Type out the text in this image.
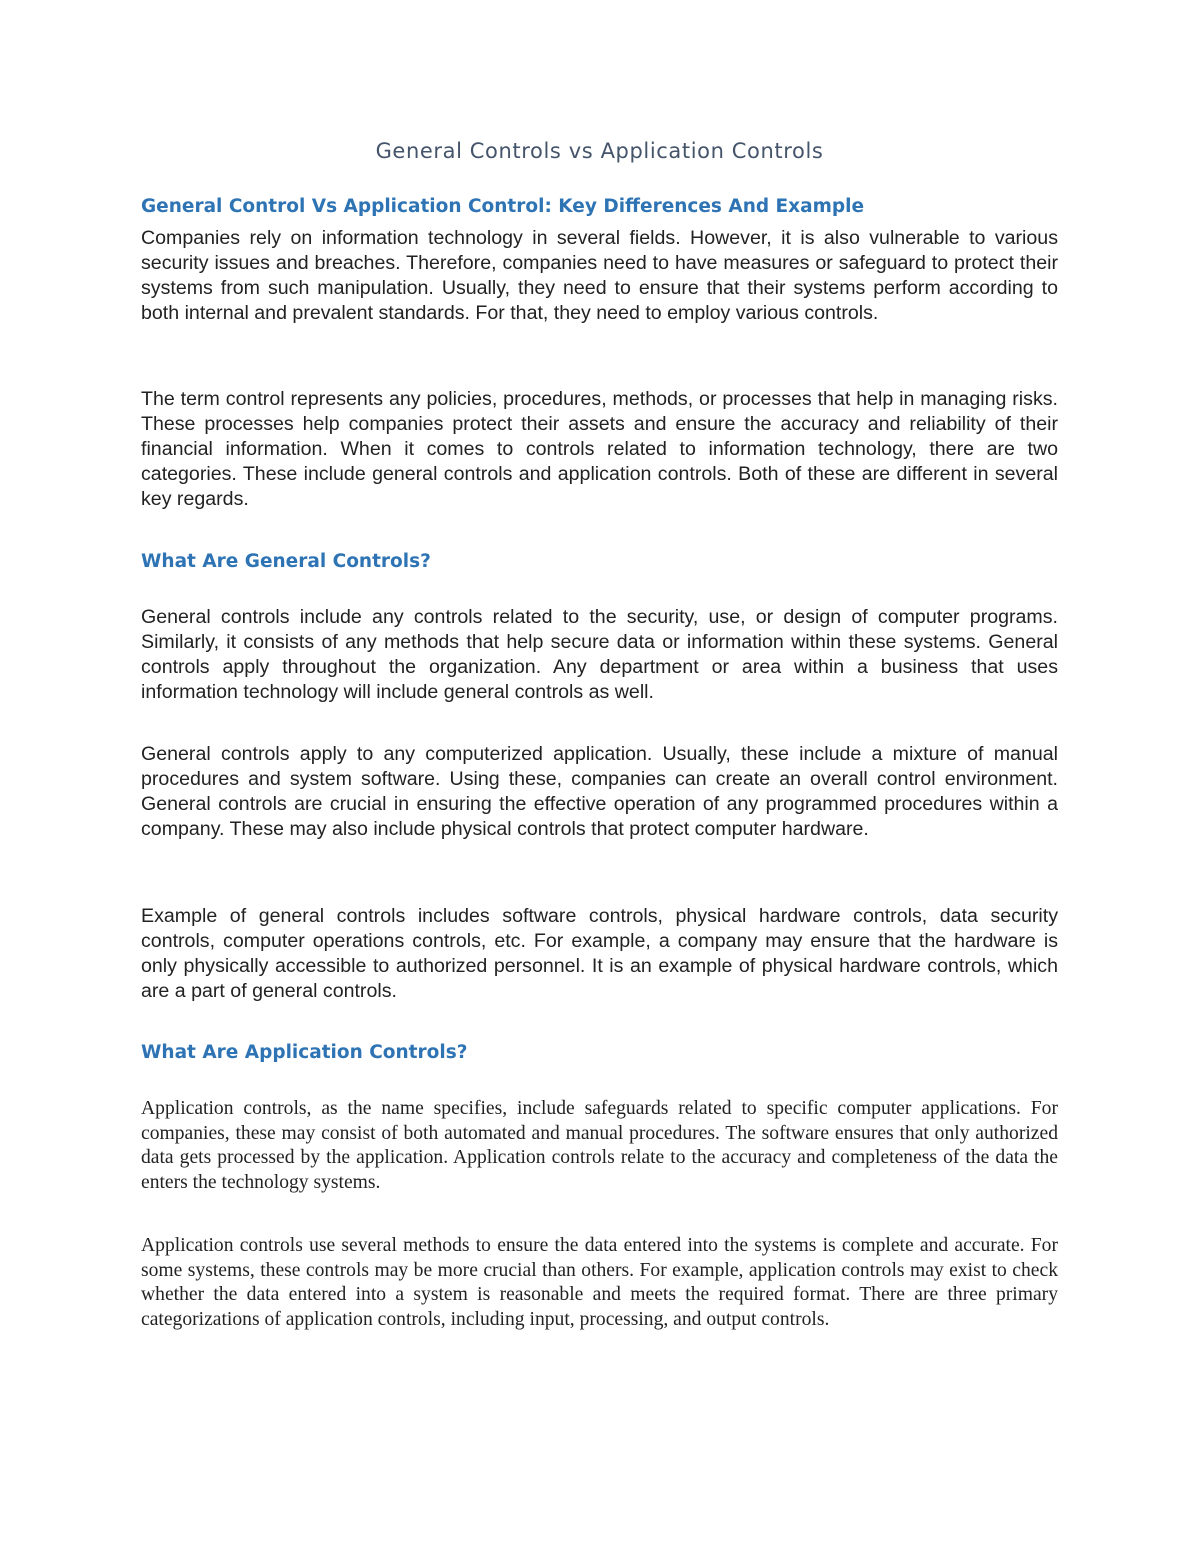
General Controls vs Application Controls
General Control Vs Application Control: Key Differences And Example

Companies rely on information technology in several fields. However, it is also vulnerable to various security issues and breaches. Therefore, companies need to have measures or safeguard to protect their systems from such manipulation. Usually, they need to ensure that their systems perform according to both internal and prevalent standards. For that, they need to employ various controls.

The term control represents any policies, procedures, methods, or processes that help in managing risks. These processes help companies protect their assets and ensure the accuracy and reliability of their financial information. When it comes to controls related to information technology, there are two categories. These include general controls and application controls. Both of these are different in several key regards.

What Are General Controls?

General controls include any controls related to the security, use, or design of computer programs. Similarly, it consists of any methods that help secure data or information within these systems. General controls apply throughout the organization. Any department or area within a business that uses information technology will include general controls as well.

General controls apply to any computerized application. Usually, these include a mixture of manual procedures and system software. Using these, companies can create an overall control environment. General controls are crucial in ensuring the effective operation of any programmed procedures within a company. These may also include physical controls that protect computer hardware.

Example of general controls includes software controls, physical hardware controls, data security controls, computer operations controls, etc. For example, a company may ensure that the hardware is only physically accessible to authorized personnel. It is an example of physical hardware controls, which are a part of general controls.

What Are Application Controls?

Application controls, as the name specifies, include safeguards related to specific computer applications. For companies, these may consist of both automated and manual procedures. The software ensures that only authorized data gets processed by the application. Application controls relate to the accuracy and completeness of the data the enters the technology systems.

Application controls use several methods to ensure the data entered into the systems is complete and accurate. For some systems, these controls may be more crucial than others. For example, application controls may exist to check whether the data entered into a system is reasonable and meets the required format. There are three primary categorizations of application controls, including input, processing, and output controls.
